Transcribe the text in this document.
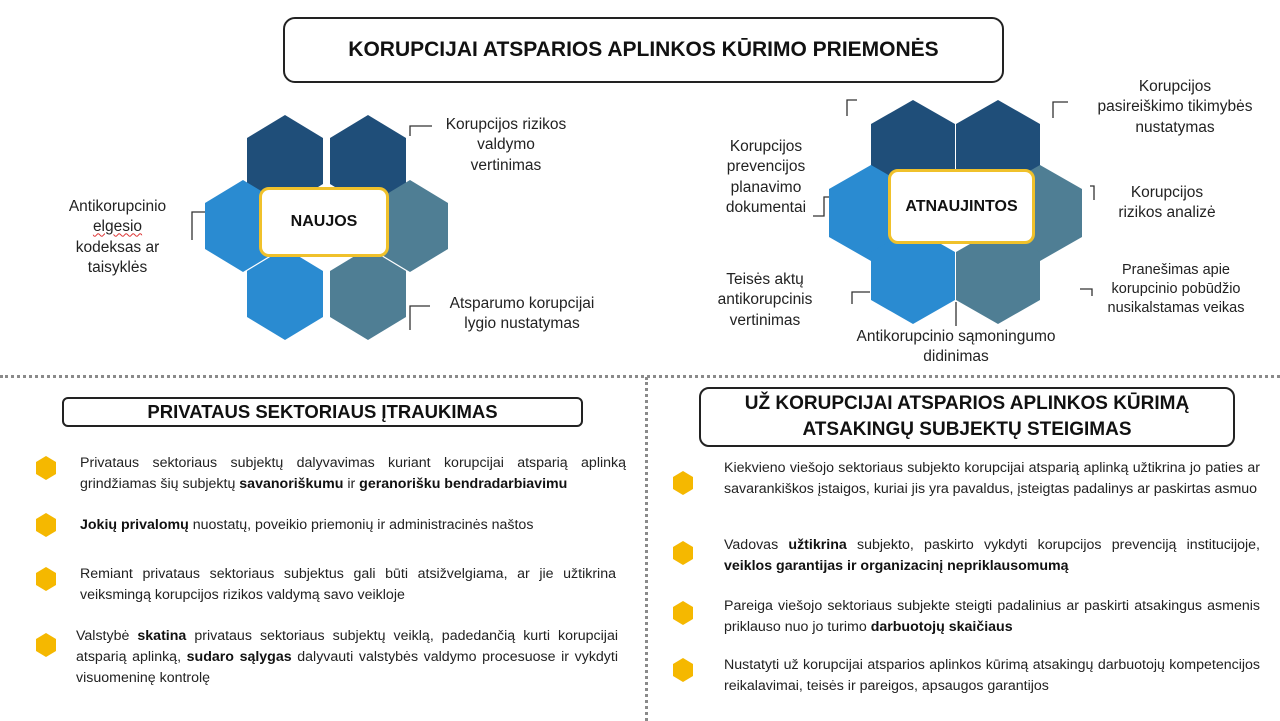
KORUPCIJAI ATSPARIOS APLINKOS KŪRIMO PRIEMONĖS
NAUJOS
ATNAUJINTOS
Korupcijos rizikos
valdymo
vertinimas
Antikorupcinio
elgesio
kodeksas ar
taisyklės
Atsparumo korupcijai
lygio nustatymas
Korupcijos
pasireiškimo tikimybės
nustatymas
Korupcijos
prevencijos
planavimo
dokumentai
Korupcijos
rizikos analizė
Teisės aktų
antikorupcinis
vertinimas
Pranešimas apie
korupcinio pobūdžio
nusikalstamas veikas
Antikorupcinio sąmoningumo
didinimas
PRIVATAUS SEKTORIAUS ĮTRAUKIMAS	UŽ KORUPCIJAI ATSPARIOS APLINKOS KŪRIMĄ
ATSAKINGŲ SUBJEKTŲ STEIGIMAS
Privataus sektoriaus subjektų dalyvavimas kuriant korupcijai atsparią aplinką grindžiamas šių subjektų savanoriškumu ir geranorišku bendradarbiavimu
Jokių privalomų nuostatų, poveikio priemonių ir administracinės naštos
Remiant privataus sektoriaus subjektus gali būti atsižvelgiama, ar jie užtikrina veiksmingą korupcijos rizikos valdymą savo veikloje
Valstybė skatina privataus sektoriaus subjektų veiklą, padedančią kurti korupcijai atsparią aplinką, sudaro sąlygas dalyvauti valstybės valdymo procesuose ir vykdyti visuomeninę kontrolę
Kiekvieno viešojo sektoriaus subjekto korupcijai atsparią aplinką užtikrina jo paties ar savarankiškos įstaigos, kuriai jis yra pavaldus, įsteigtas padalinys ar paskirtas asmuo
Vadovas užtikrina subjekto, paskirto vykdyti korupcijos prevenciją institucijoje, veiklos garantijas ir organizacinį nepriklausomumą
Pareiga viešojo sektoriaus subjekte steigti padalinius ar paskirti atsakingus asmenis priklauso nuo jo turimo darbuotojų skaičiaus
Nustatyti už korupcijai atsparios aplinkos kūrimą atsakingų darbuotojų kompetencijos reikalavimai, teisės ir pareigos, apsaugos garantijos
